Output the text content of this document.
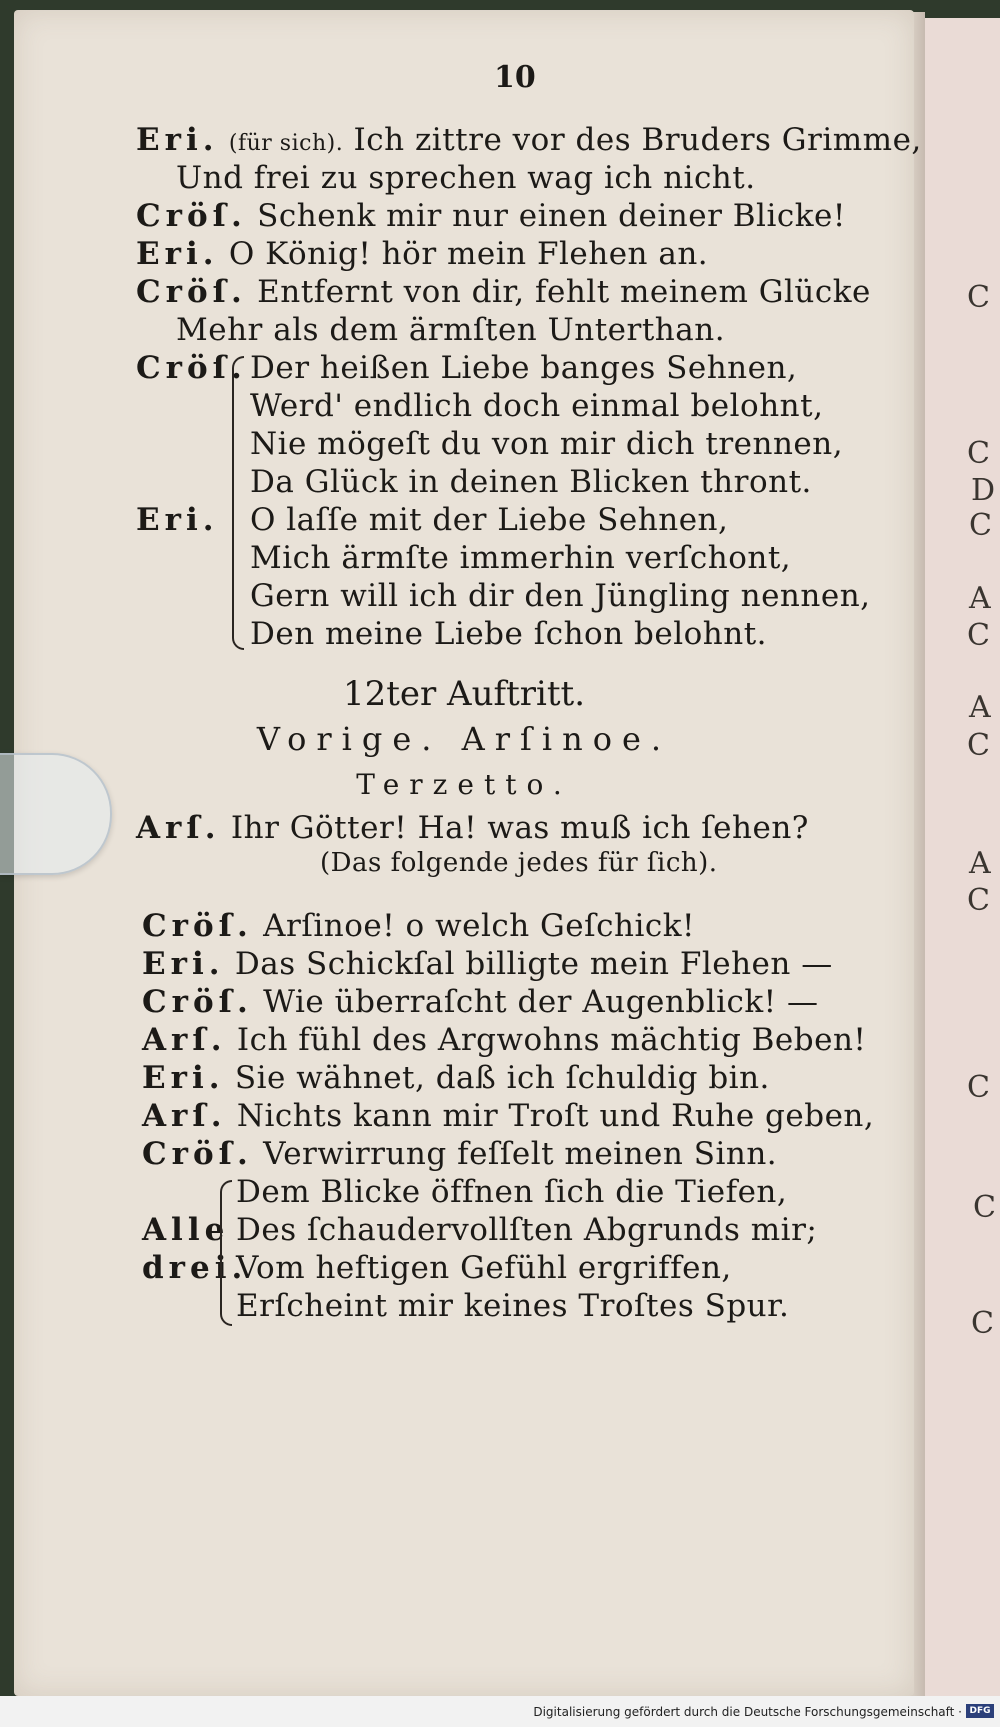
C
C
D
C
A
C
A
C
A
C
C
C
C
10
Eri. (für sich). Ich zittre vor des Bruders Grimme,
Und frei zu sprechen wag ich nicht.
Cröſ. Schenk mir nur einen deiner Blicke!
Eri. O König! hör mein Flehen an.
Cröſ. Entfernt von dir, fehlt meinem Glücke
Mehr als dem ärmſten Unterthan.
Cröſ.
Eri.
Der heißen Liebe banges Sehnen,
Werd' endlich doch einmal belohnt,
Nie mögeſt du von mir dich trennen,
Da Glück in deinen Blicken thront.
O laſſe mit der Liebe Sehnen,
Mich ärmſte immerhin verſchont,
Gern will ich dir den Jüngling nennen,
Den meine Liebe ſchon belohnt.
12ter Auftritt.
Vorige. Arſinoe.
Terzetto.
Arſ. Ihr Götter! Ha! was muß ich ſehen?
(Das folgende jedes für ſich).
Cröſ. Arſinoe! o welch Geſchick!
Eri. Das Schickſal billigte mein Flehen —
Cröſ. Wie überraſcht der Augenblick! —
Arſ. Ich fühl des Argwohns mächtig Beben!
Eri. Sie wähnet, daß ich ſchuldig bin.
Arſ. Nichts kann mir Troſt und Ruhe geben,
Cröſ. Verwirrung feſſelt meinen Sinn.
Alle
drei.
Dem Blicke öffnen ſich die Tiefen,
Des ſchaudervollſten Abgrunds mir;
Vom heftigen Gefühl ergriffen,
Erſcheint mir keines Troſtes Spur.
Digitalisierung gefördert durch die Deutsche Forschungsgemeinschaft · DFG
